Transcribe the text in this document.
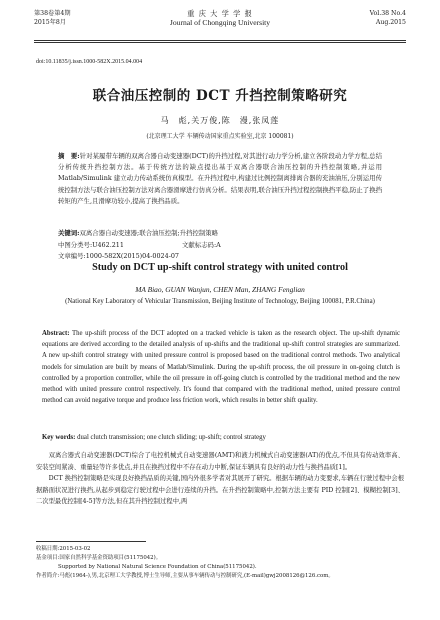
第38卷第4期
2015年8月
重 庆 大 学 学 报
Journal of Chongqing University
Vol.38 No.4
Aug.2015
doi:10.11835/j.issn.1000-582X.2015.04.004
联合油压控制的 DCT 升挡控制策略研究
马　彪,关万俊,陈　漫,张凤莲
(北京理工大学 车辆传动国家重点实验室,北京 100081)
摘　要:针对某履带车辆的双离合器自动变速器(DCT)的升挡过程,对其进行动力学分析,建立各阶段动力学方程,总结分析传统升挡控制方法。基于传统方法的缺点提出基于双离合器联合油压控制的升挡控制策略,并运用 Matlab/Simulink 建立动力传动系统仿真模型。在升挡过程中,构建过比例控制离排离合器的充油油压,分别运用传统控制方法与联合油压控制方法对离合器滑摩进行仿真分析。结果表明,联合油压升挡过程控制换挡平稳,防止了换挡转矩的产生,且滑摩功较小,提高了换挡品质。
关键词:双离合器自动变速器;联合油压控制;升挡控制策略
中图分类号:U462.211	文献标志码:A文章编号:1000-582X(2015)04-0024-07
Study on DCT up-shift control strategy with united control
MA Biao, GUAN Wanjun, CHEN Man, ZHANG Fenglian
(National Key Laboratory of Vehicular Transmission, Beijing Institute of Technology, Beijing 100081, P.R.China)
Abstract: The up-shift process of the DCT adopted on a tracked vehicle is taken as the research object. The up-shift dynamic equations are derived according to the detailed analysis of up-shifts and the traditional up-shift control strategies are summarized. A new up-shift control strategy with united pressure control is proposed based on the traditional control methods. Two analytical models for simulation are built by means of Matlab/Simulink. During the up-shift process, the oil pressure in on-going clutch is controlled by a proportion controller, while the oil pressure in off-going clutch is controlled by the traditional method and the new method with united pressure control respectively. It's found that compared with the traditional method, united pressure control method can avoid negative torque and produce less friction work, which results in better shift quality.
Key words: dual clutch transmission; one clutch sliding; up-shift; control strategy

双离合器式自动变速器(DCT)综合了电控机械式自动变速器(AMT)和液力机械式自动变速器(AT)的优点,不但具有传动效率高、安装空间紧凑、重量轻等许多优点,并且在换挡过程中不存在动力中断,保证车辆具有良好的动力性与换挡品质[1]。

DCT 换挡控制策略是实现良好换挡品质的关键,国内外很多学者对其展开了研究。根据车辆的动力变要求,车辆在行驶过程中会根据路面状况进行换挡,从起步到稳定行驶过程中会进行连续的升挡。在升挡控制策略中,控制方法主要有 PID 控制[2]、模糊控制[3]、二次型最优控制[4-5]等方法,但在其升挡控制过程中,两

收稿日期:2015-03-02
基金项目:国家自然科学基金资助项目(51175042)。
Supported by National Natural Science Foundation of China(51175042).
作者简介:马彪(1964-),男,北京理工大学教授,博士生导师,主要从事车辆传动与控制研究,(E-mail)gwj2008126@126.com。
